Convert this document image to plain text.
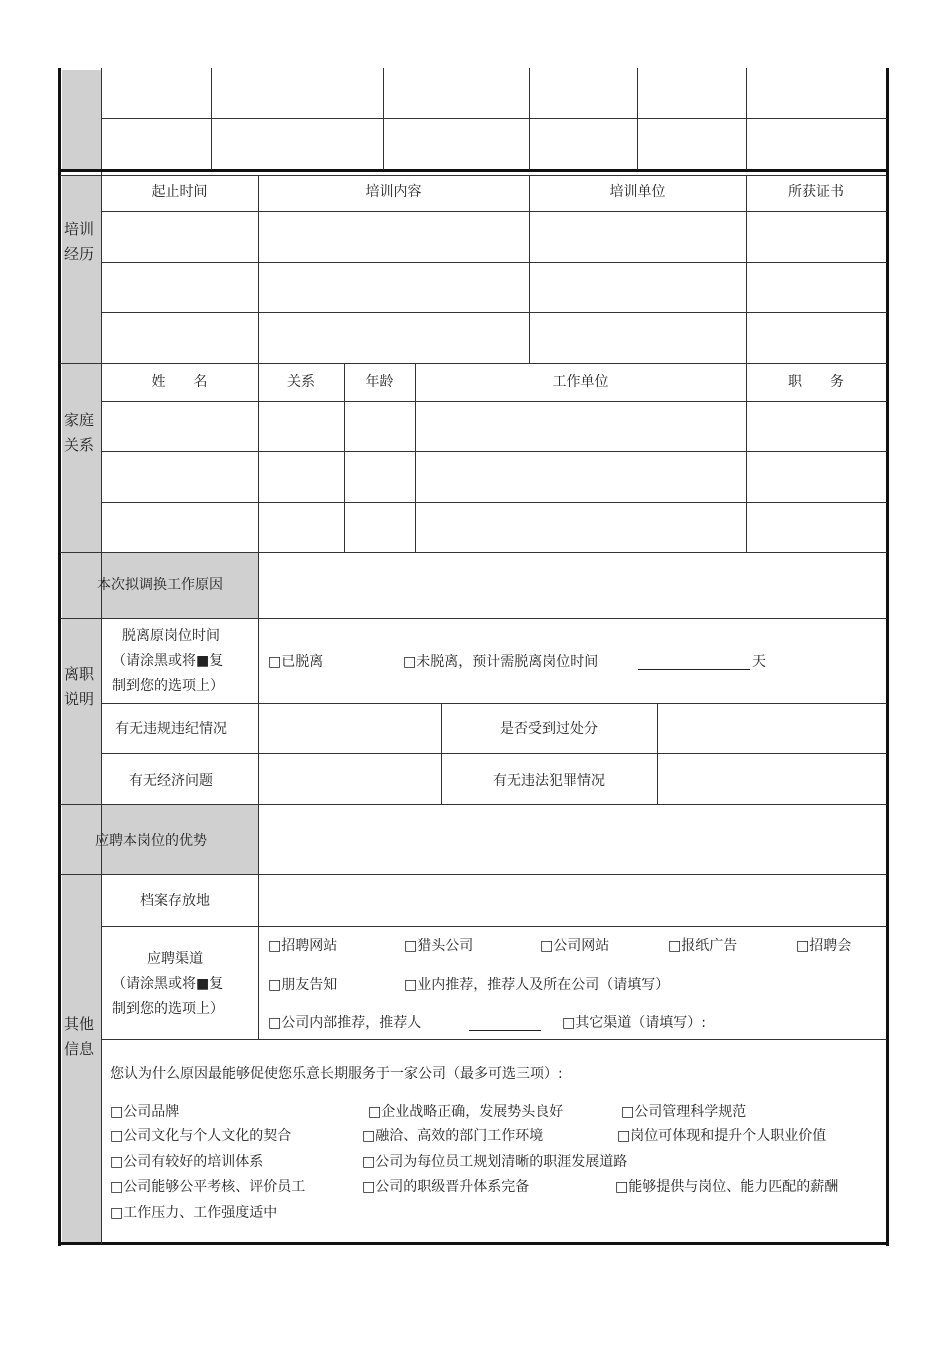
培训经历
起止时间	培训内容	培训单位	所获证书
家庭关系
姓　　名	关系	年龄	工作单位	职　　务
本次拟调换工作原因
离职说明
脱离原岗位时间
（请涂黑或将■复
制到您的选项上）
□已脱离	□未脱离，预计需脱离岗位时间	天
有无违规违纪情况	是否受到过处分
有无经济问题	有无违法犯罪情况
应聘本岗位的优势
其他信息
档案存放地
应聘渠道
（请涂黑或将■复
制到您的选项上）
□招聘网站	□猎头公司	□公司网站	□报纸广告	□招聘会
□朋友告知	□业内推荐，推荐人及所在公司（请填写）
□公司内部推荐，推荐人	□其它渠道（请填写）:
您认为什么原因最能够促使您乐意长期服务于一家公司（最多可选三项）:
□公司品牌	□企业战略正确，发展势头良好	□公司管理科学规范
□公司文化与个人文化的契合	□融洽、高效的部门工作环境	□岗位可体现和提升个人职业价值
□公司有较好的培训体系	□公司为每位员工规划清晰的职涯发展道路
□公司能够公平考核、评价员工	□公司的职级晋升体系完备	□能够提供与岗位、能力匹配的薪酬
□工作压力、工作强度适中
